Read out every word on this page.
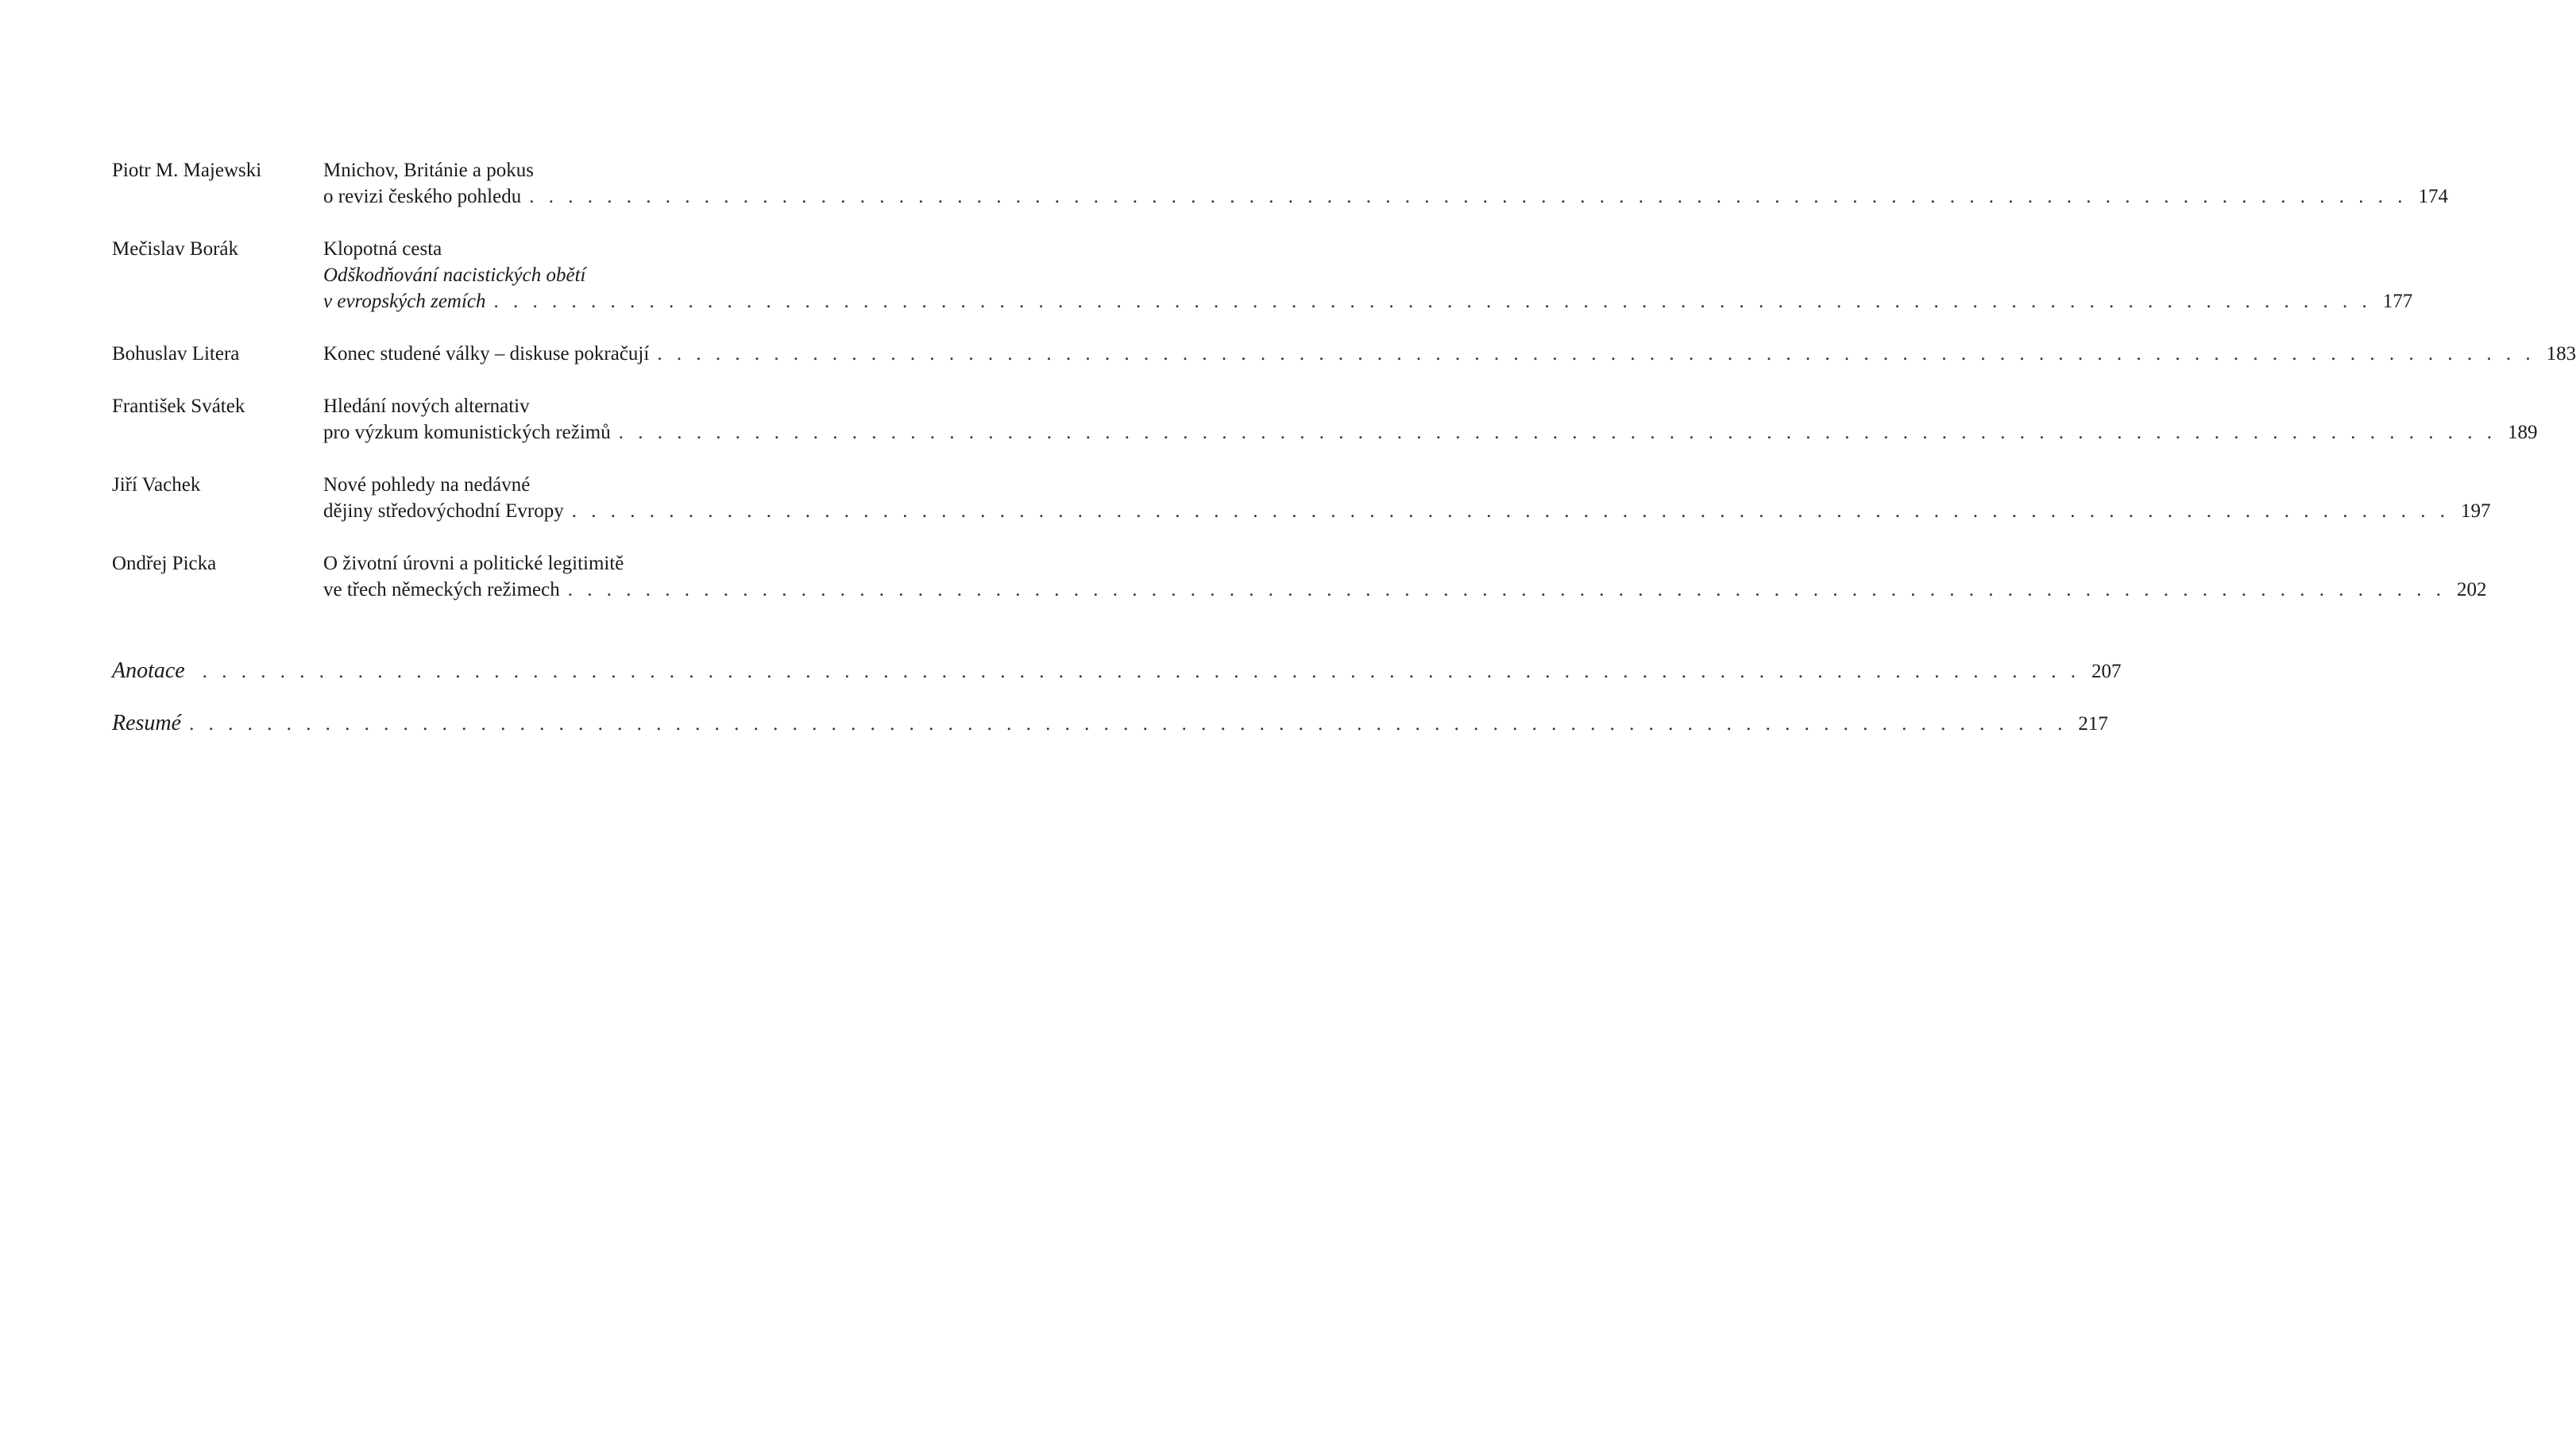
Piotr M. Majewski	Mnichov, Británie a pokus
o revizi českého pohledu . . . . . . . . . . . . . . . . . . . . . . . . . . . . . . . . . . . . . . . . . . . . . . . . . . . . . . . . . . . . . . . . . . . . . . . . . . . . . . . . . . . . . . . . . . . . . . . . . 174
Mečislav Borák	Klopotná cesta
Odškodňování nacistických obětí
v evropských zemích . . . . . . . . . . . . . . . . . . . . . . . . . . . . . . . . . . . . . . . . . . . . . . . . . . . . . . . . . . . . . . . . . . . . . . . . . . . . . . . . . . . . . . . . . . . . . . . . . 177
Bohuslav Litera	Konec studené války – diskuse pokračují . . . . . . . . . . . . . . . . . . . . . . . . . . . . . . . . . . . . . . . . . . . . . . . . . . . . . . . . . . . . . . . . . . . . . . . . . . . . . . . . . . . . . . . . . . . . . . . . . 183
František Svátek	Hledání nových alternativ
pro výzkum komunistických režimů . . . . . . . . . . . . . . . . . . . . . . . . . . . . . . . . . . . . . . . . . . . . . . . . . . . . . . . . . . . . . . . . . . . . . . . . . . . . . . . . . . . . . . . . . . . . . . . . . 189
Jiří Vachek	Nové pohledy na nedávné
dějiny středovýchodní Evropy . . . . . . . . . . . . . . . . . . . . . . . . . . . . . . . . . . . . . . . . . . . . . . . . . . . . . . . . . . . . . . . . . . . . . . . . . . . . . . . . . . . . . . . . . . . . . . . . . 197
Ondřej Picka	O životní úrovni a politické legitimitě
ve třech německých režimech . . . . . . . . . . . . . . . . . . . . . . . . . . . . . . . . . . . . . . . . . . . . . . . . . . . . . . . . . . . . . . . . . . . . . . . . . . . . . . . . . . . . . . . . . . . . . . . . . 202
Anotace . . . . . . . . . . . . . . . . . . . . . . . . . . . . . . . . . . . . . . . . . . . . . . . . . . . . . . . . . . . . . . . . . . . . . . . . . . . . . . . . . . . . . . . . . . . . . . . . . 207
Resumé . . . . . . . . . . . . . . . . . . . . . . . . . . . . . . . . . . . . . . . . . . . . . . . . . . . . . . . . . . . . . . . . . . . . . . . . . . . . . . . . . . . . . . . . . . . . . . . . . 217
